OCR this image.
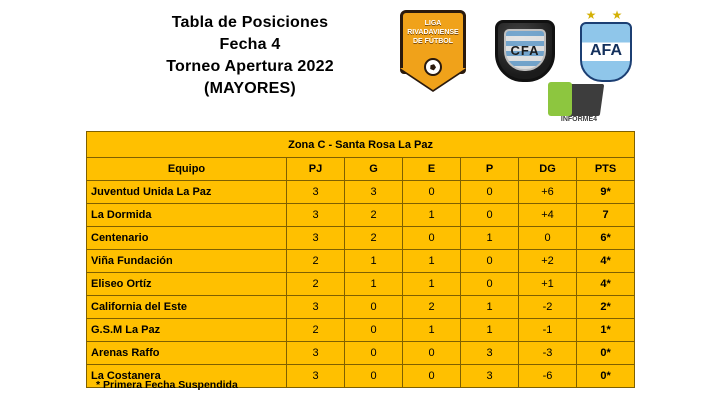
Tabla de Posiciones
Fecha 4
Torneo Apertura 2022
(MAYORES)
LIGA
RIVADAVIENSE
DE FÚTBOL
CFA
★ ★
AFA
INFORME4
Zona C - Santa Rosa La Paz						
Equipo	PJ	G	E	P	DG	PTS
Juventud Unida La Paz	3	3	0	0	+6	9*
La Dormida	3	2	1	0	+4	7
Centenario	3	2	0	1	0	6*
Viña Fundación	2	1	1	0	+2	4*
Eliseo Ortíz	2	1	1	0	+1	4*
California del Este	3	0	2	1	-2	2*
G.S.M La Paz	2	0	1	1	-1	1*
Arenas Raffo	3	0	0	3	-3	0*
La Costanera	3	0	0	3	-6	0*
* Primera Fecha Suspendida
